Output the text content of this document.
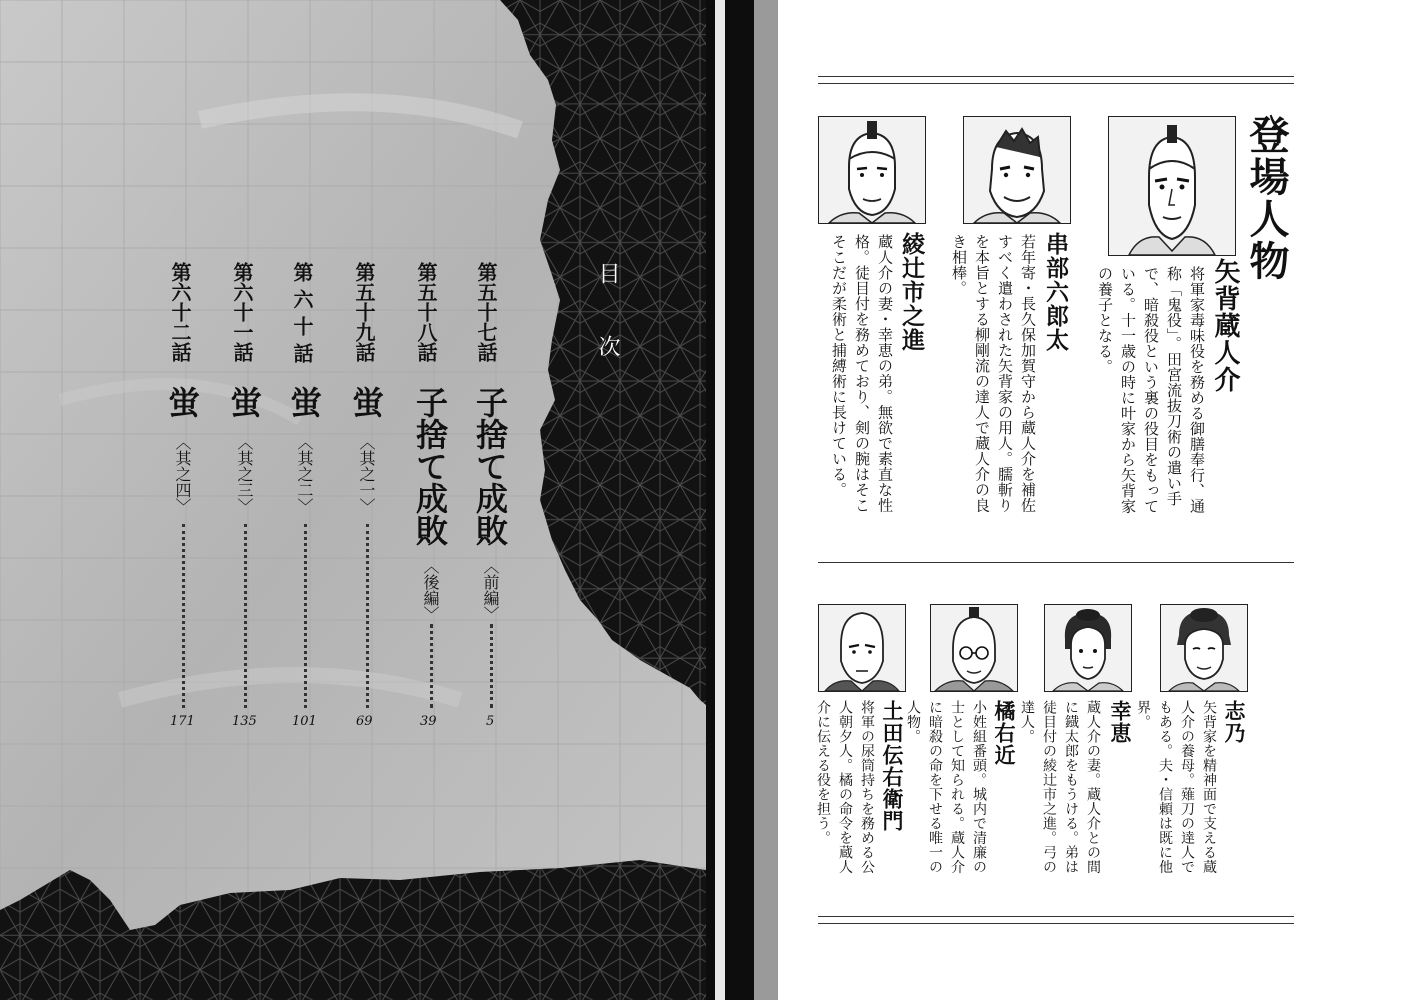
目 次
第五十七話
子捨て成敗
〈前編〉
5
第五十八話
子捨て成敗
〈後編〉
39
第五十九話
蛍
〈其之一〉
69
第 六 十 話
蛍
〈其之二〉
101
第六十一話
蛍
〈其之三〉
135
第六十二話
蛍
〈其之四〉
171
登場人物
矢背蔵人介
将軍家毒味役を務める御膳奉行、通称「鬼役」。田宮流抜刀術の遣い手で、暗殺役という裏の役目をもっている。十一歳の時に叶家から矢背家の養子となる。
串部六郎太
若年寄・長久保加賀守から蔵人介を補佐すべく遣わされた矢背家の用人。臑斬りを本旨とする柳剛流の達人で蔵人介の良き相棒。
綾辻市之進
蔵人介の妻・幸恵の弟。無欲で素直な性格。徒目付を務めており、剣の腕はそこそこだが柔術と捕縛術に長けている。
志乃
矢背家を精神面で支える蔵人介の養母。薙刀の達人でもある。夫・信頼は既に他界。
幸恵
蔵人介の妻。蔵人介との間に鐡太郎をもうける。弟は徒目付の綾辻市之進。弓の達人。
橘右近
小姓組番頭。城内で清廉の士として知られる。蔵人介に暗殺の命を下せる唯一の人物。
土田伝右衛門
将軍の尿筒持ちを務める公人朝夕人。橘の命令を蔵人介に伝える役を担う。
